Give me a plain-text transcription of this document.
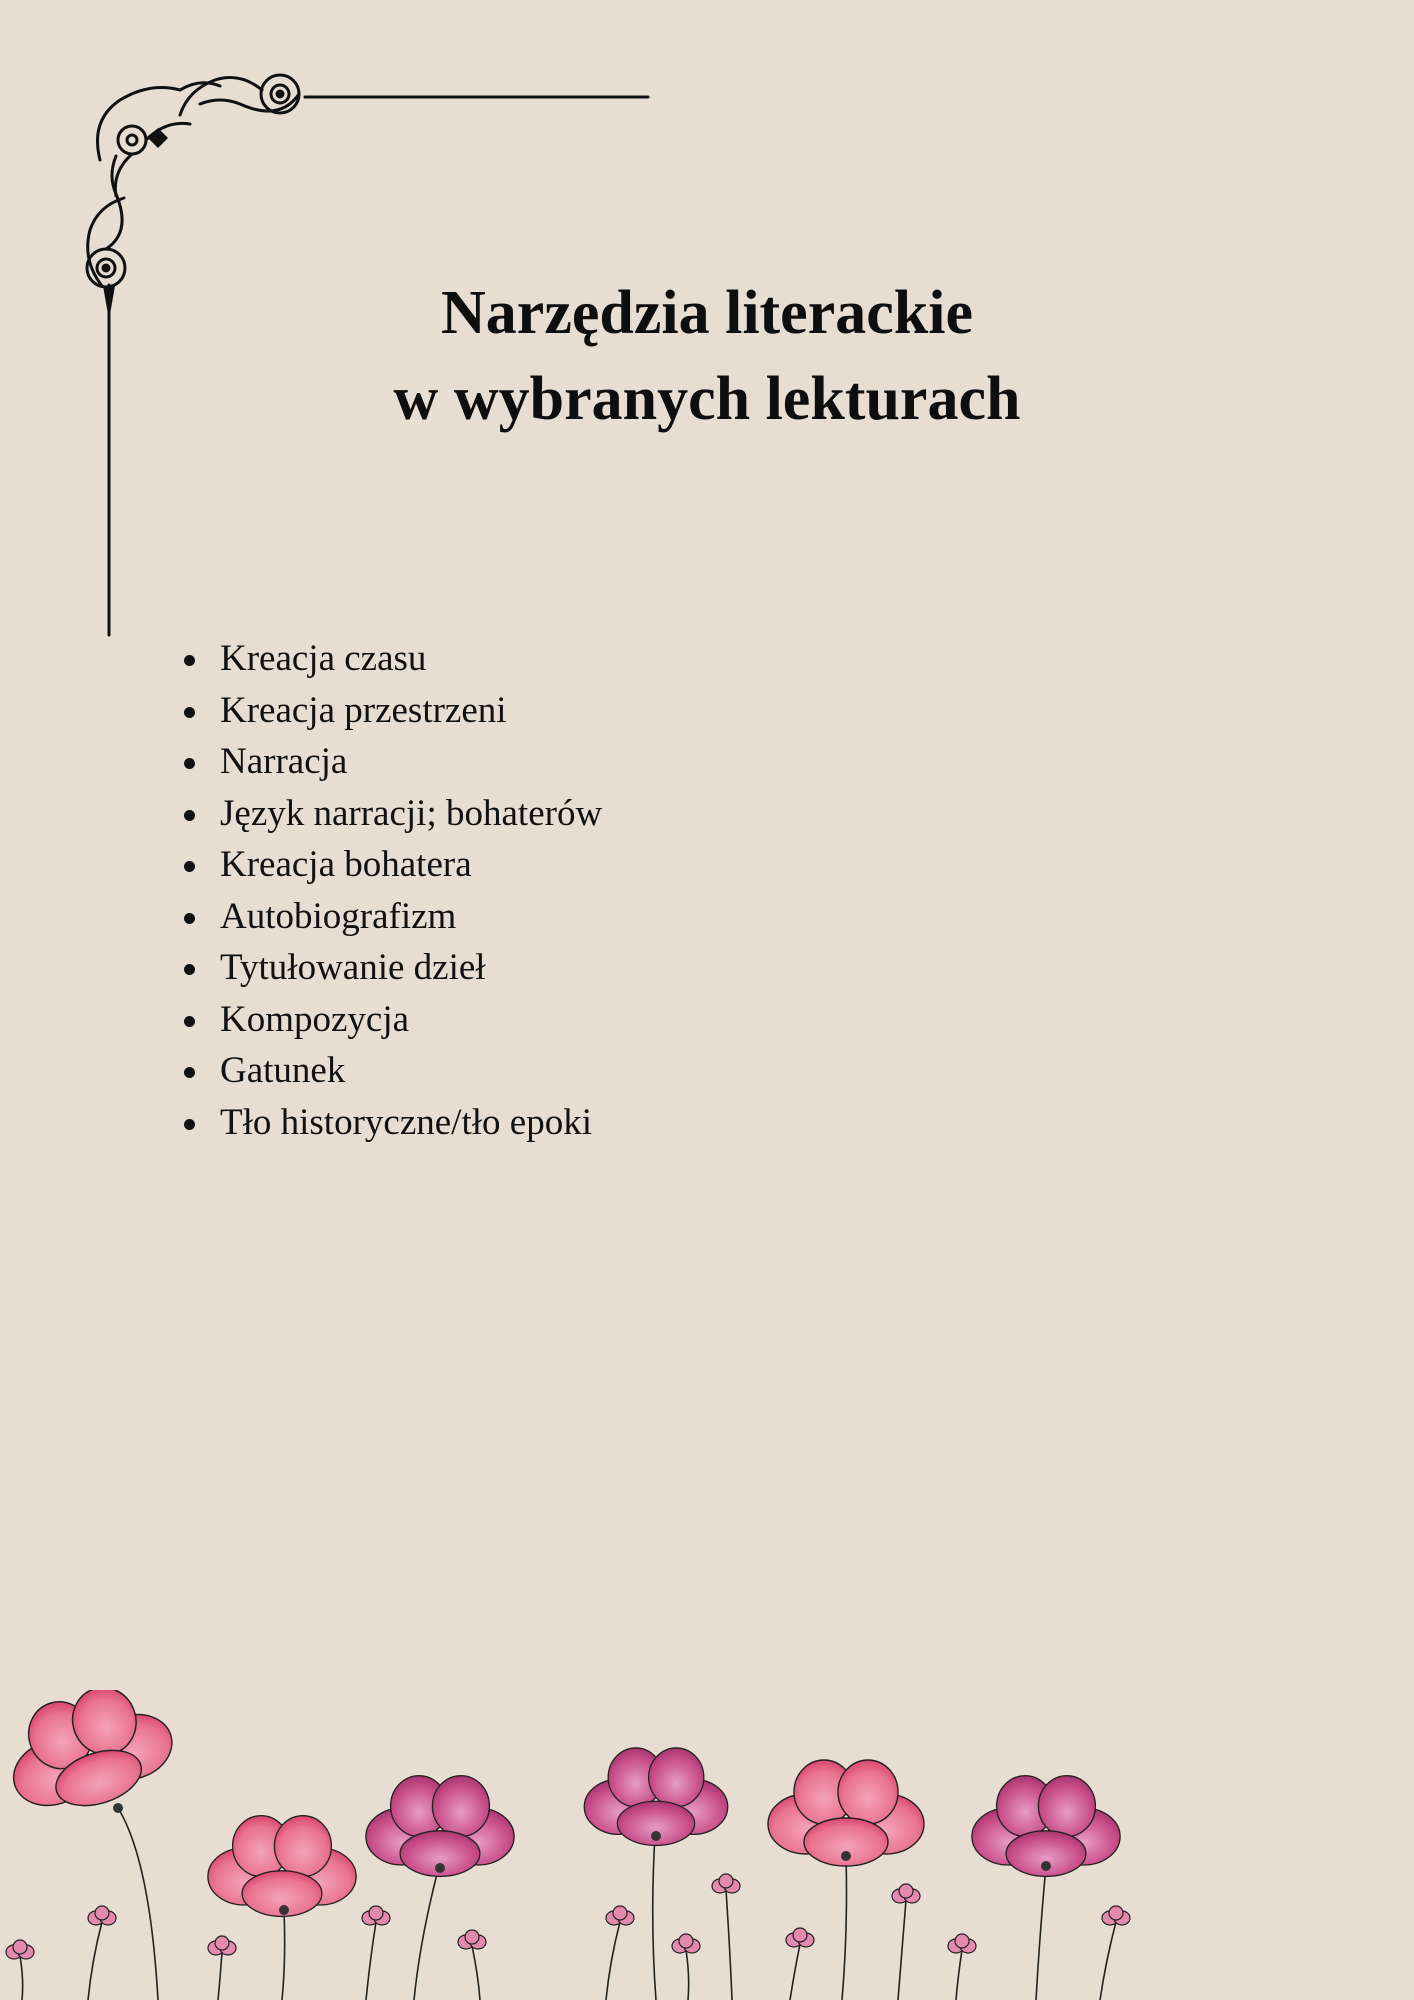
Narzędzia literackie
w wybranych lekturach
Kreacja czasu
Kreacja przestrzeni
Narracja
Język narracji; bohaterów
Kreacja bohatera
Autobiografizm
Tytułowanie dzieł
Kompozycja
Gatunek
Tło historyczne/tło epoki
